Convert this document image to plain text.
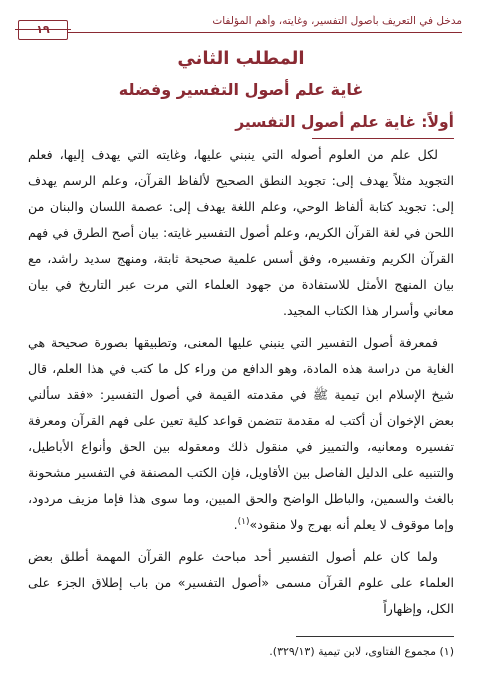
مدخل في التعريف بأصول التفسير، وغايته، وأهم المؤلفات
١٩
المطلب الثاني
غاية علم أصول التفسير وفضله
أولاً: غاية علم أصول التفسير

لكل علم من العلوم أصوله التي ينبني عليها، وغايته التي يهدف إليها، فعلم التجويد مثلاً يهدف إلى: تجويد النطق الصحيح لألفاظ القرآن، وعلم الرسم يهدف إلى: تجويد كتابة ألفاظ الوحي، وعلم اللغة يهدف إلى: عصمة اللسان والبنان من اللحن في لغة القرآن الكريم، وعلم أصول التفسير غايته: بيان أصح الطرق في فهم القرآن الكريم وتفسيره، وفق أسس علمية صحيحة ثابتة، ومنهج سديد راشد، مع بيان المنهج الأمثل للاستفادة من جهود العلماء التي مرت عبر التاريخ في بيان معاني وأسرار هذا الكتاب المجيد.

فمعرفة أصول التفسير التي ينبني عليها المعنى، وتطبيقها بصورة صحيحة هي الغاية من دراسة هذه المادة، وهو الدافع من وراء كل ما كتب في هذا العلم، قال شيخ الإسلام ابن تيمية ﷺ في مقدمته القيمة في أصول التفسير: «فقد سألني بعض الإخوان أن أكتب له مقدمة تتضمن قواعد كلية تعين على فهم القرآن ومعرفة تفسيره ومعانيه، والتمييز في منقول ذلك ومعقوله بين الحق وأنواع الأباطيل، والتنبيه على الدليل الفاصل بين الأقاويل، فإن الكتب المصنفة في التفسير مشحونة بالغث والسمين، والباطل الواضح والحق المبين، وما سوى هذا فإما مزيف مردود، وإما موقوف لا يعلم أنه بهرج ولا منقود»$^{(١)}$.

ولما كان علم أصول التفسير أحد مباحث علوم القرآن المهمة أطلق بعض العلماء على علوم القرآن مسمى «أصول التفسير» من باب إطلاق الجزء على الكل، وإظهاراً

(١) مجموع الفتاوى، لابن تيمية (٣٢٩/١٣).
